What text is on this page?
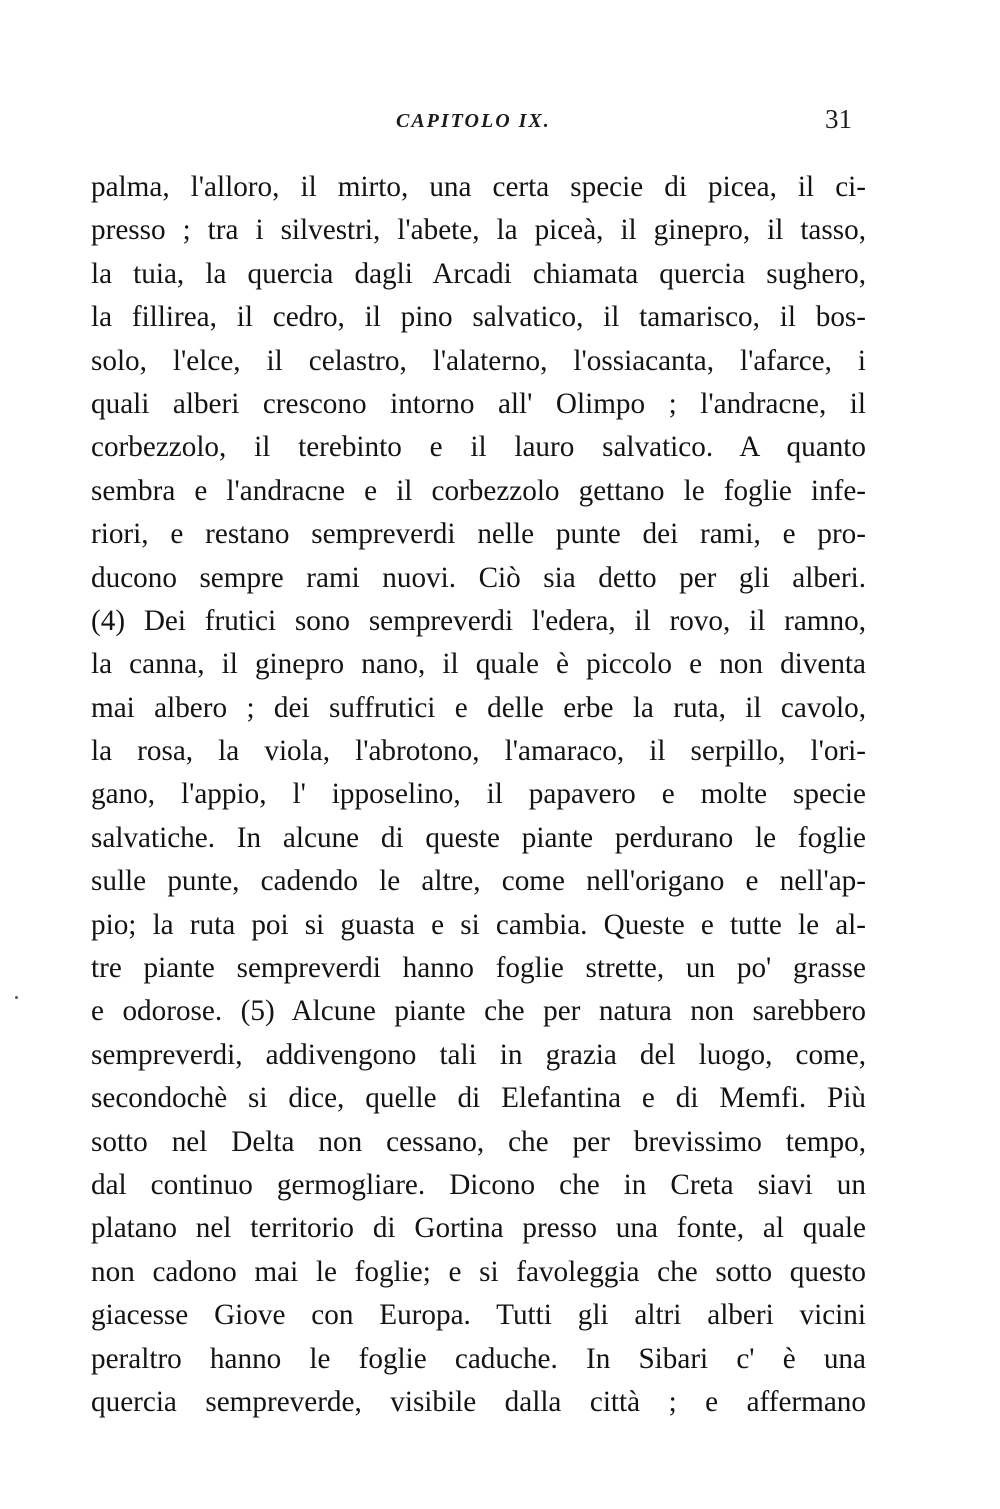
CAPITOLO IX.	31
palma, l'alloro, il mirto, una certa specie di picea, il ci-
presso ; tra i silvestri, l'abete, la piceà, il ginepro, il tasso,
la tuia, la quercia dagli Arcadi chiamata quercia sughero,
la fillirea, il cedro, il pino salvatico, il tamarisco, il bos-
solo, l'elce, il celastro, l'alaterno, l'ossiacanta, l'afarce, i
quali alberi crescono intorno all' Olimpo ; l'andracne, il
corbezzolo, il terebinto e il lauro salvatico. A quanto
sembra e l'andracne e il corbezzolo gettano le foglie infe-
riori, e restano sempreverdi nelle punte dei rami, e pro-
ducono sempre rami nuovi. Ciò sia detto per gli alberi.
(4) Dei frutici sono sempreverdi l'edera, il rovo, il ramno,
la canna, il ginepro nano, il quale è piccolo e non diventa
mai albero ; dei suffrutici e delle erbe la ruta, il cavolo,
la rosa, la viola, l'abrotono, l'amaraco, il serpillo, l'ori-
gano, l'appio, l' ipposelino, il papavero e molte specie
salvatiche. In alcune di queste piante perdurano le foglie
sulle punte, cadendo le altre, come nell'origano e nell'ap-
pio; la ruta poi si guasta e si cambia. Queste e tutte le al-
tre piante sempreverdi hanno foglie strette, un po' grasse
e odorose. (5) Alcune piante che per natura non sarebbero
sempreverdi, addivengono tali in grazia del luogo, come,
secondochè si dice, quelle di Elefantina e di Memfi. Più
sotto nel Delta non cessano, che per brevissimo tempo,
dal continuo germogliare. Dicono che in Creta siavi un
platano nel territorio di Gortina presso una fonte, al quale
non cadono mai le foglie; e si favoleggia che sotto questo
giacesse Giove con Europa. Tutti gli altri alberi vicini
peraltro hanno le foglie caduche. In Sibari c' è una
quercia sempreverde, visibile dalla città ; e affermano
